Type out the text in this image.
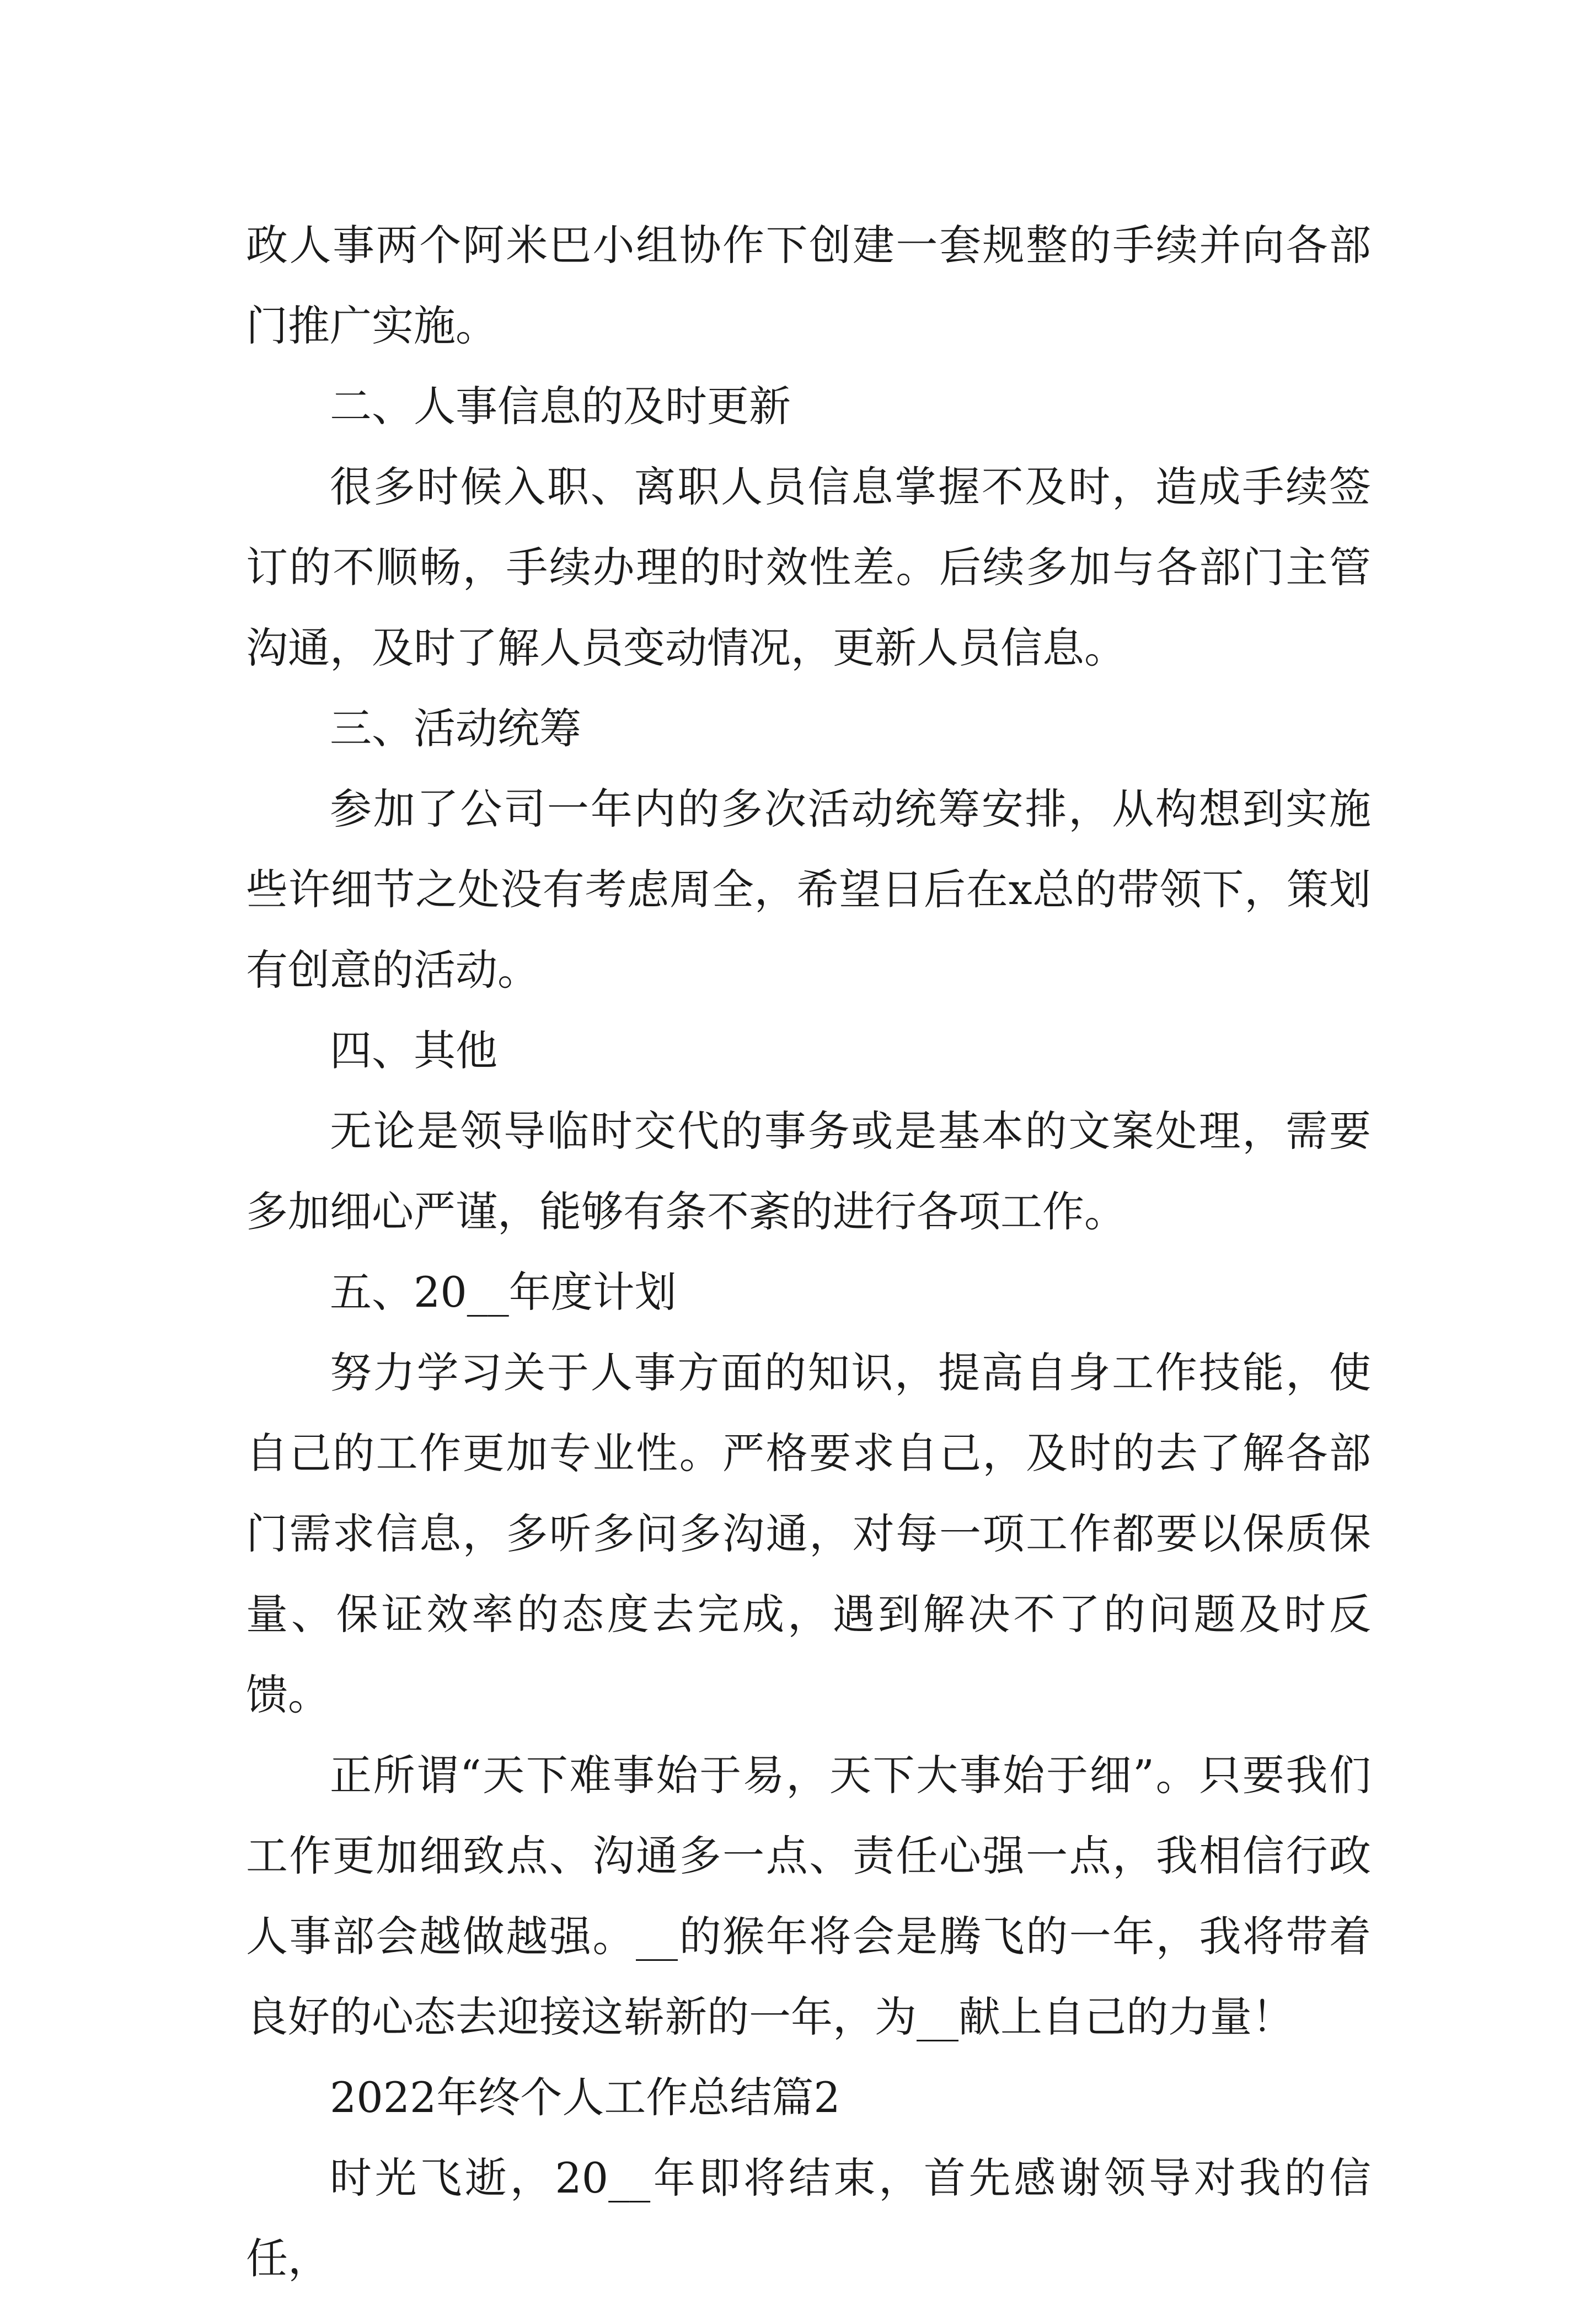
政人事两个阿米巴小组协作下创建一套规整的手续并向各部门推广实施。

二、人事信息的及时更新

很多时候入职、离职人员信息掌握不及时，造成手续签订的不顺畅，手续办理的时效性差。后续多加与各部门主管沟通，及时了解人员变动情况，更新人员信息。

三、活动统筹

参加了公司一年内的多次活动统筹安排，从构想到实施些许细节之处没有考虑周全，希望日后在x总的带领下，策划有创意的活动。

四、其他

无论是领导临时交代的事务或是基本的文案处理，需要多加细心严谨，能够有条不紊的进行各项工作。

五、20__年度计划

努力学习关于人事方面的知识，提高自身工作技能，使自己的工作更加专业性。严格要求自己，及时的去了解各部门需求信息，多听多问多沟通，对每一项工作都要以保质保量、保证效率的态度去完成，遇到解决不了的问题及时反馈。

正所谓“天下难事始于易，天下大事始于细”。只要我们工作更加细致点、沟通多一点、责任心强一点，我相信行政人事部会越做越强。__的猴年将会是腾飞的一年，我将带着良好的心态去迎接这崭新的一年，为__献上自己的力量！

2022年终个人工作总结篇2

时光飞逝，20__年即将结束，首先感谢领导对我的信任，
